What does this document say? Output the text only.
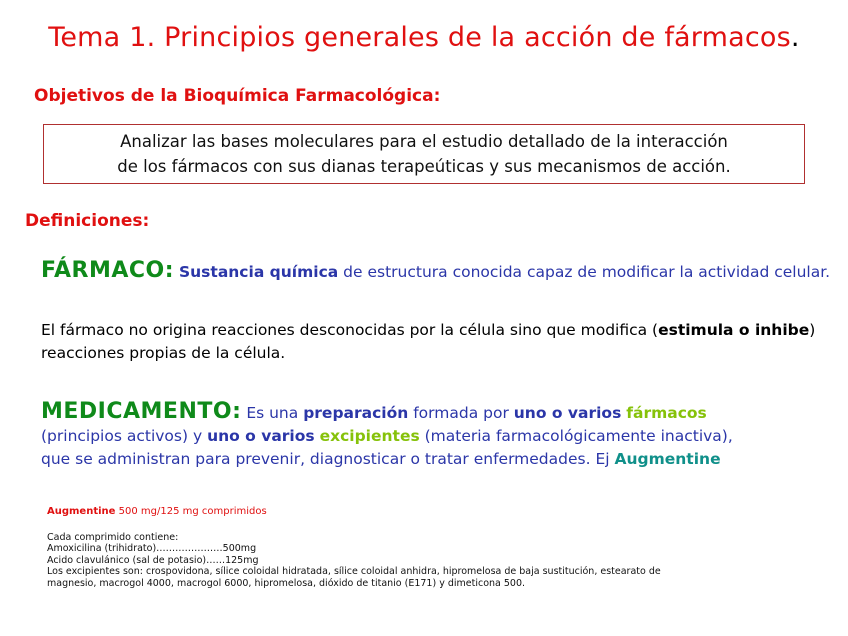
Tema 1. Principios generales de la acción de fármacos.
Objetivos de la Bioquímica Farmacológica:
Analizar las bases moleculares para el estudio detallado de la interacción
de los fármacos con sus dianas terapeúticas y sus mecanismos de acción.
Definiciones:
FÁRMACO: Sustancia química de estructura conocida capaz de modificar la actividad celular.
El fármaco no origina reacciones desconocidas por la célula sino que modifica (estimula o inhibe) reacciones propias de la célula.
MEDICAMENTO: Es una preparación formada por uno o varios fármacos
(principios activos) y uno o varios excipientes (materia farmacológicamente inactiva),
que se administran para prevenir, diagnosticar o tratar enfermedades. Ej Augmentine
Augmentine 500 mg/125 mg comprimidos
Cada comprimido contiene:
Amoxicilina (trihidrato)…………………500mg
Acido clavulánico (sal de potasio)……125mg
Los excipientes son: crospovidona, sílice coloidal hidratada, sílice coloidal anhidra, hipromelosa de baja sustitución, estearato de
magnesio, macrogol 4000, macrogol 6000, hipromelosa, dióxido de titanio (E171) y dimeticona 500.
